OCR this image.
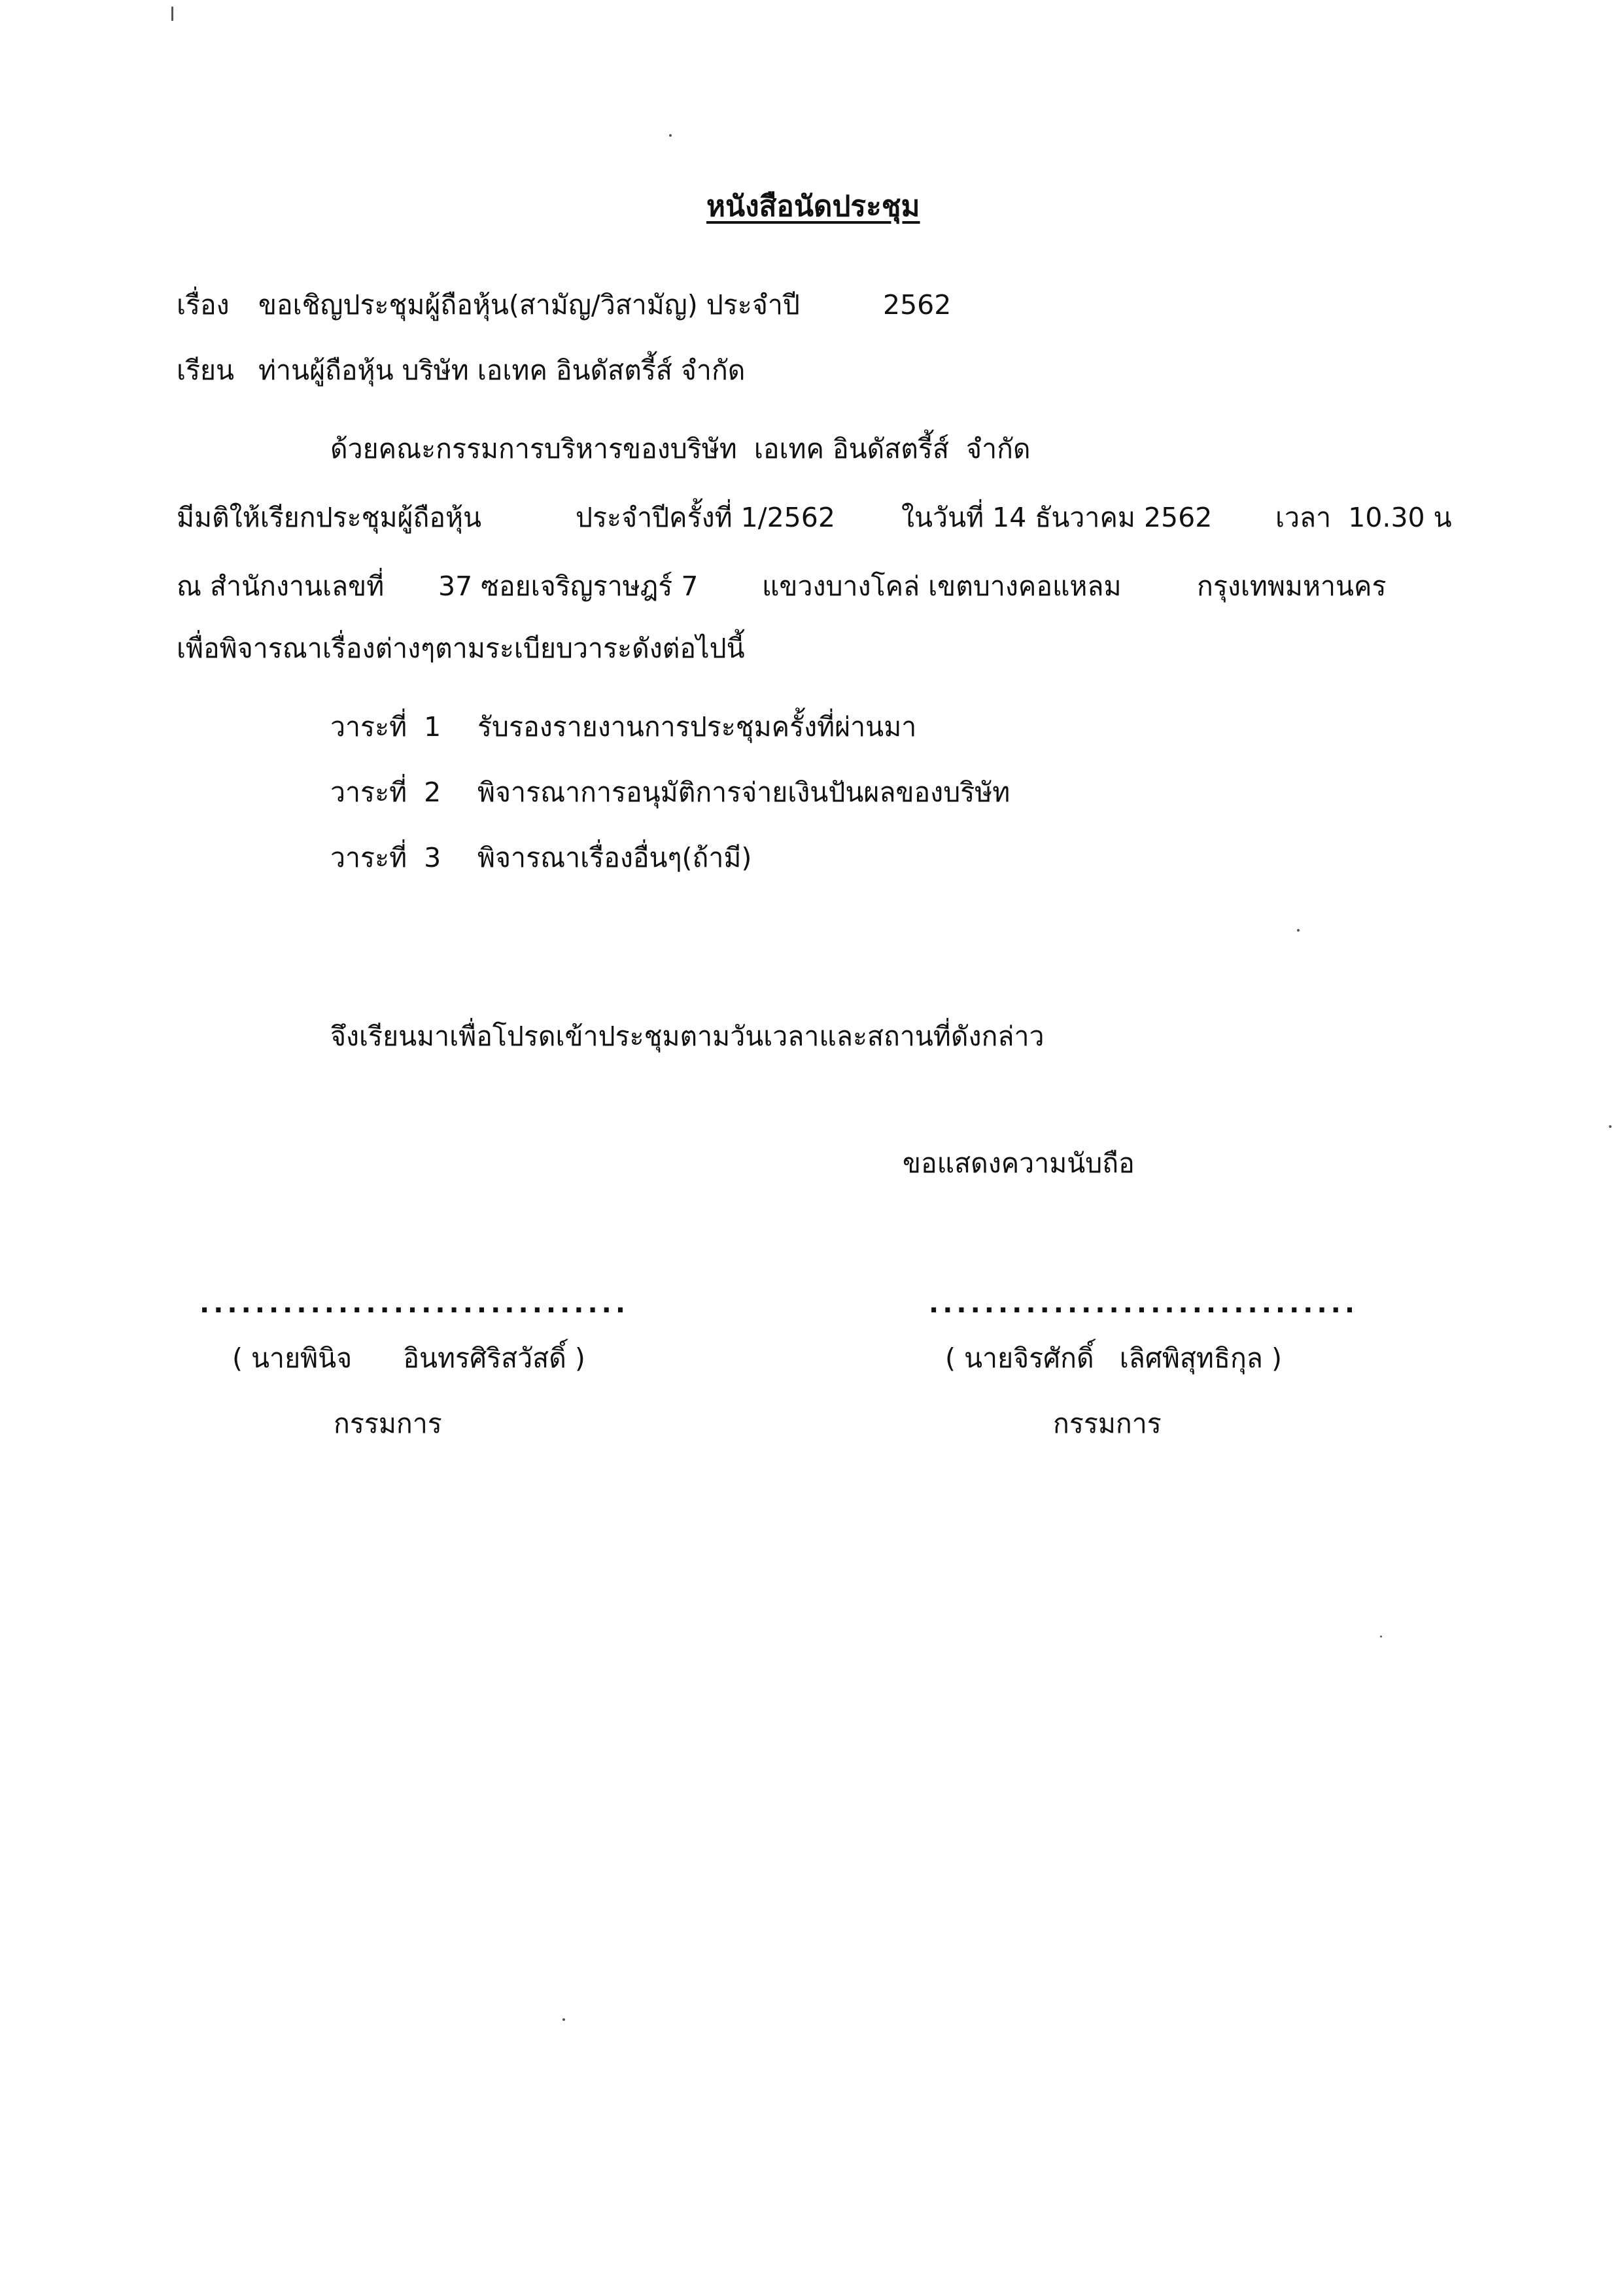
หนังสือนัดประชุม
เรื่อง ขอเชิญประชุมผู้ถือหุ้น(สามัญ/วิสามัญ) ประจำปี	2562
เรียน ท่านผู้ถือหุ้น บริษัท เอเทค อินดัสตรี้ส์ จำกัด
ด้วยคณะกรรมการบริหารของบริษัท  เอเทค อินดัสตรี้ส์  จำกัด
มีมติให้เรียกประชุมผู้ถือหุ้น	ประจำปีครั้งที่ 1/2562 ในวันที่ 14 ธันวาคม 2562 เวลา  10.30 น
ณ สำนักงานเลขที่ 37 ซอยเจริญราษฎร์ 7 แขวงบางโคล่ เขตบางคอแหลม	กรุงเทพมหานคร
เพื่อพิจารณาเรื่องต่างๆตามระเบียบวาระดังต่อไปนี้
วาระที่  1 รับรองรายงานการประชุมครั้งที่ผ่านมา
วาระที่  2 พิจารณาการอนุมัติการจ่ายเงินปันผลของบริษัท
วาระที่  3 พิจารณาเรื่องอื่นๆ(ถ้ามี)
จึงเรียนมาเพื่อโปรดเข้าประชุมตามวันเวลาและสถานที่ดังกล่าว
ขอแสดงความนับถือ
...............................
( นายพินิจ      อินทรศิริสวัสดิ์ )
กรรมการ
...............................
( นายจิรศักดิ์   เลิศพิสุทธิกุล )
กรรมการ
